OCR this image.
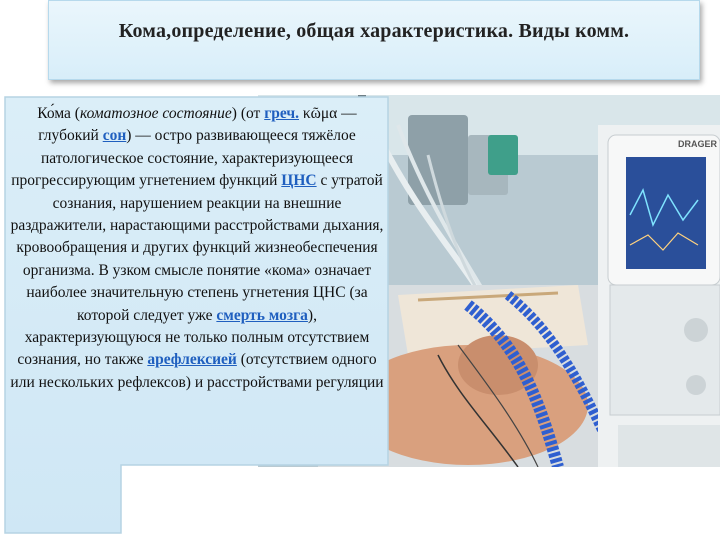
Кома,определение, общая характеристика. Виды комм.
DRAGER
Ко́ма (коматозное состояние) (от греч. κῶμα — глубокий сон) — остро развивающееся тяжёлое патологическое состояние, характеризующееся прогрессирующим угнетением функций ЦНС с утратой сознания, нарушением реакции на внешние раздражители, нарастающими расстройствами дыхания, кровообращения и других функций жизнеобеспечения организма. В узком смысле понятие «кома» означает наиболее значительную степень угнетения ЦНС (за которой следует уже смерть мозга), характеризующуюся не только полным отсутствием сознания, но также арефлексией (отсутствием одного или нескольких рефлексов) и расстройствами регуляции
